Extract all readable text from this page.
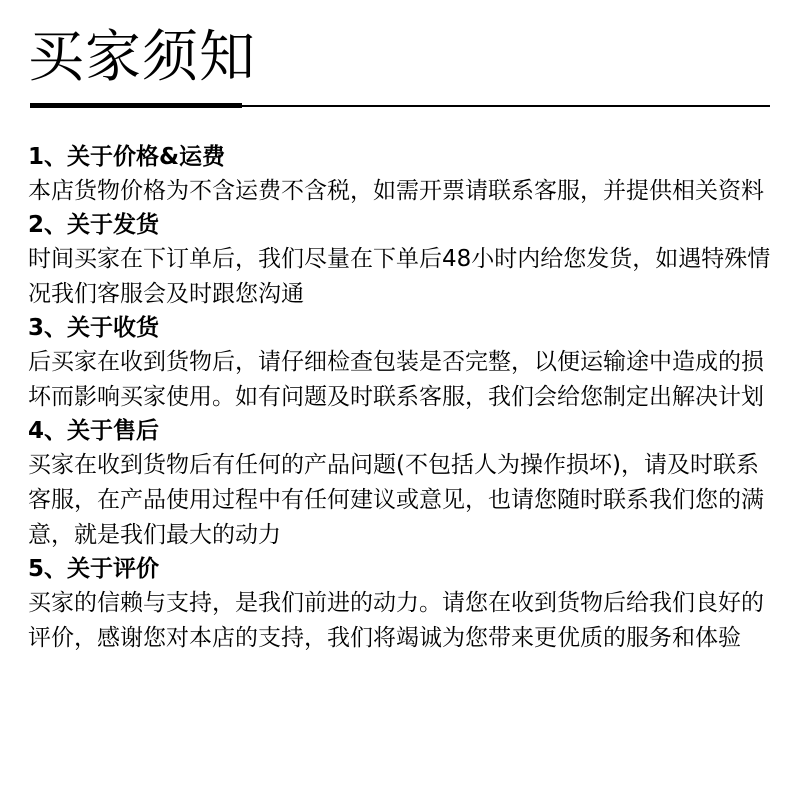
买家须知
1、关于价格&运费
本店货物价格为不含运费不含税，如需开票请联系客服，并提供相关资料
2、关于发货
时间买家在下订单后，我们尽量在下单后48小时内给您发货，如遇特殊情况我们客服会及时跟您沟通
3、关于收货
后买家在收到货物后，请仔细检查包装是否完整，以便运输途中造成的损坏而影响买家使用。如有问题及时联系客服，我们会给您制定出解决计划
4、关于售后
买家在收到货物后有任何的产品问题(不包括人为操作损坏)，请及时联系客服，在产品使用过程中有任何建议或意见，也请您随时联系我们您的满意，就是我们最大的动力
5、关于评价
买家的信赖与支持，是我们前进的动力。请您在收到货物后给我们良好的评价，感谢您对本店的支持，我们将竭诚为您带来更优质的服务和体验
